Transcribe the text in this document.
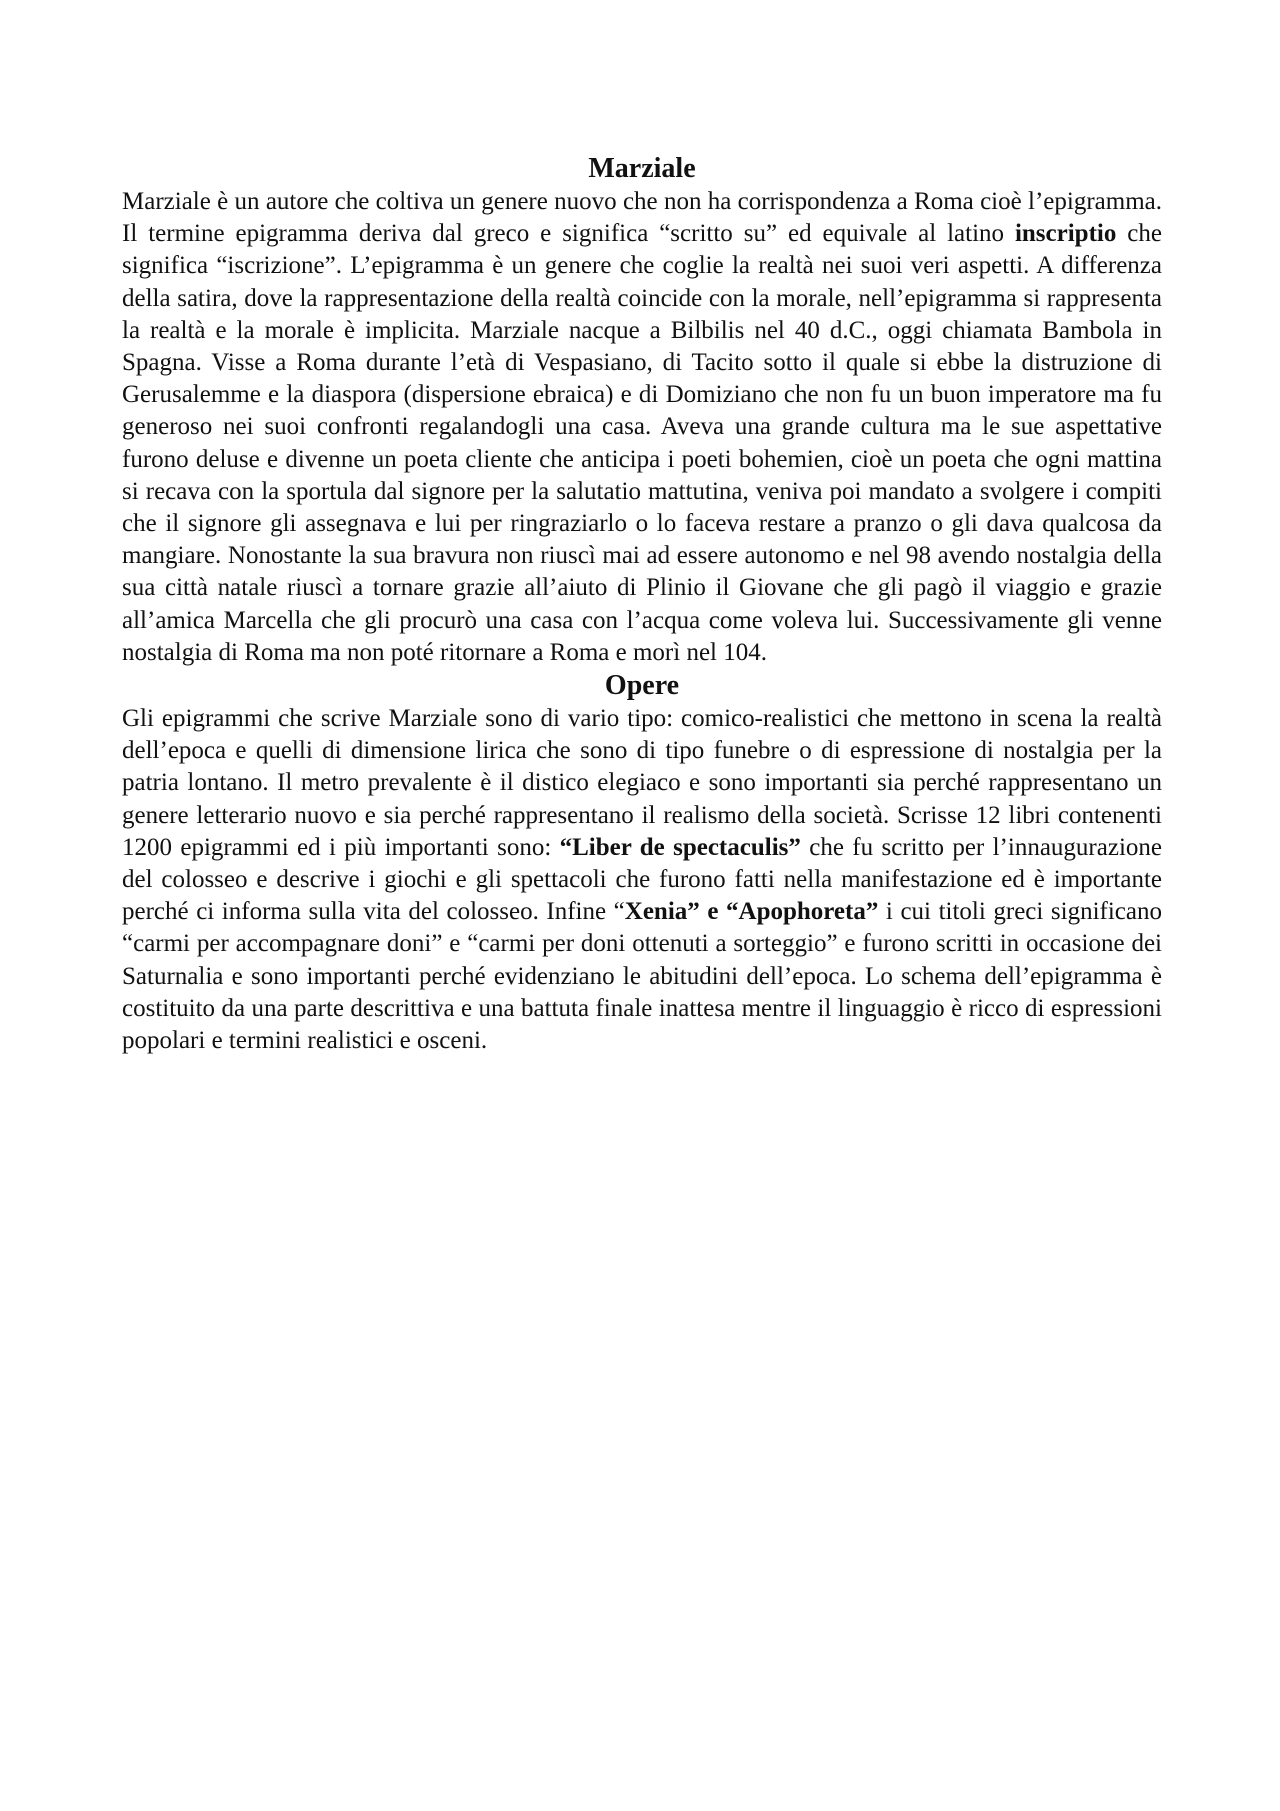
Marziale

Marziale è un autore che coltiva un genere nuovo che non ha corrispondenza a Roma cioè l’epigramma. Il termine epigramma deriva dal greco e significa “scritto su” ed equivale al latino inscriptio che significa “iscrizione”. L’epigramma è un genere che coglie la realtà nei suoi veri aspetti. A differenza della satira, dove la rappresentazione della realtà coincide con la morale, nell’epigramma si rappresenta la realtà e la morale è implicita. Marziale nacque a Bilbilis nel 40 d.C., oggi chiamata Bambola in Spagna. Visse a Roma durante l’età di Vespasiano, di Tacito sotto il quale si ebbe la distruzione di Gerusalemme e la diaspora (dispersione ebraica) e di Domiziano che non fu un buon imperatore ma fu generoso nei suoi confronti regalandogli una casa. Aveva una grande cultura ma le sue aspettative furono deluse e divenne un poeta cliente che anticipa i poeti bohemien, cioè un poeta che ogni mattina si recava con la sportula dal signore per la salutatio mattutina, veniva poi mandato a svolgere i compiti che il signore gli assegnava e lui per ringraziarlo o lo faceva restare a pranzo o gli dava qualcosa da mangiare. Nonostante la sua bravura non riuscì mai ad essere autonomo e nel 98 avendo nostalgia della sua città natale riuscì a tornare grazie all’aiuto di Plinio il Giovane che gli pagò il viaggio e grazie all’amica Marcella che gli procurò una casa con l’acqua come voleva lui. Successivamente gli venne nostalgia di Roma ma non poté ritornare a Roma e morì nel 104.

Opere

Gli epigrammi che scrive Marziale sono di vario tipo: comico-realistici che mettono in scena la realtà dell’epoca e quelli di dimensione lirica che sono di tipo funebre o di espressione di nostalgia per la patria lontano. Il metro prevalente è il distico elegiaco e sono importanti sia perché rappresentano un genere letterario nuovo e sia perché rappresentano il realismo della società. Scrisse 12 libri contenenti 1200 epigrammi ed i più importanti sono: “Liber de spectaculis” che fu scritto per l’innaugurazione del colosseo e descrive i giochi e gli spettacoli che furono fatti nella manifestazione ed è importante perché ci informa sulla vita del colosseo. Infine “Xenia” e “Apophoreta” i cui titoli greci significano “carmi per accompagnare doni” e “carmi per doni ottenuti a sorteggio” e furono scritti in occasione dei Saturnalia e sono importanti perché evidenziano le abitudini dell’epoca. Lo schema dell’epigramma è costituito da una parte descrittiva e una battuta finale inattesa mentre il linguaggio è ricco di espressioni popolari e termini realistici e osceni.
